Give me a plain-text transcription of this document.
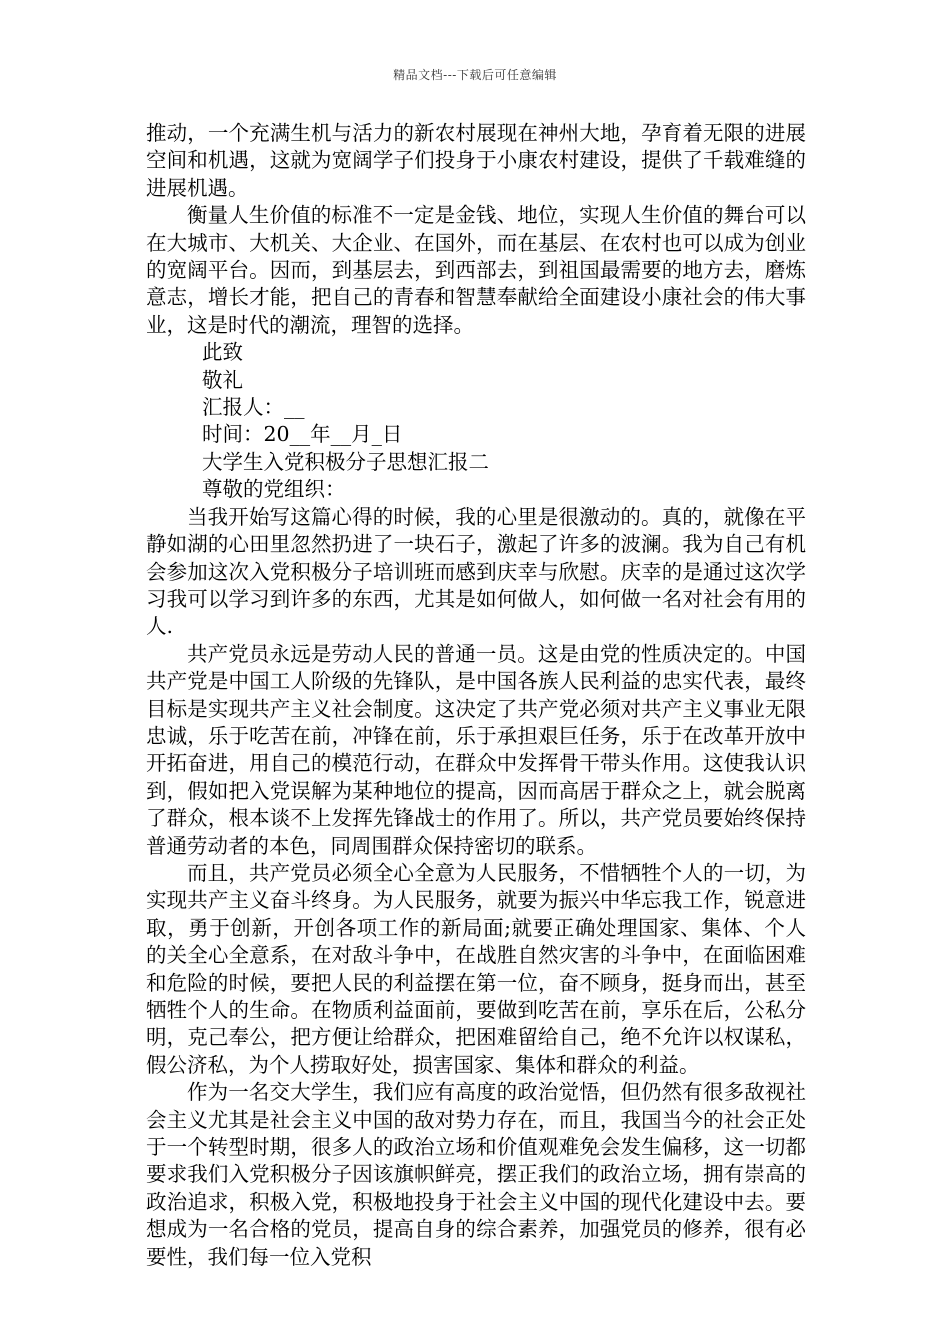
精品文档---下载后可任意编辑

推动，一个充满生机与活力的新农村展现在神州大地，孕育着无限的进展空间和机遇，这就为宽阔学子们投身于小康农村建设，提供了千载难缝的进展机遇。

衡量人生价值的标准不一定是金钱、地位，实现人生价值的舞台可以在大城市、大机关、大企业、在国外，而在基层、在农村也可以成为创业的宽阔平台。因而，到基层去，到西部去，到祖国最需要的地方去，磨炼意志，增长才能，把自己的青春和智慧奉献给全面建设小康社会的伟大事业，这是时代的潮流，理智的选择。

此致

敬礼

汇报人：__

时间：20__年__月_日

大学生入党积极分子思想汇报二

尊敬的党组织：

当我开始写这篇心得的时候，我的心里是很激动的。真的，就像在平静如湖的心田里忽然扔进了一块石子，激起了许多的波澜。我为自己有机会参加这次入党积极分子培训班而感到庆幸与欣慰。庆幸的是通过这次学习我可以学习到许多的东西，尤其是如何做人，如何做一名对社会有用的人.

共产党员永远是劳动人民的普通一员。这是由党的性质决定的。中国共产党是中国工人阶级的先锋队，是中国各族人民利益的忠实代表，最终目标是实现共产主义社会制度。这决定了共产党必须对共产主义事业无限忠诚，乐于吃苦在前，冲锋在前，乐于承担艰巨任务，乐于在改革开放中开拓奋进，用自己的模范行动，在群众中发挥骨干带头作用。这使我认识到，假如把入党误解为某种地位的提高，因而高居于群众之上，就会脱离了群众，根本谈不上发挥先锋战士的作用了。所以，共产党员要始终保持普通劳动者的本色，同周围群众保持密切的联系。

而且，共产党员必须全心全意为人民服务，不惜牺牲个人的一切，为实现共产主义奋斗终身。为人民服务，就要为振兴中华忘我工作，锐意进取，勇于创新，开创各项工作的新局面;就要正确处理国家、集体、个人的关全心全意系，在对敌斗争中，在战胜自然灾害的斗争中，在面临困难和危险的时候，要把人民的利益摆在第一位，奋不顾身，挺身而出，甚至牺牲个人的生命。在物质利益面前，要做到吃苦在前，享乐在后，公私分明，克己奉公，把方便让给群众，把困难留给自己，绝不允许以权谋私，假公济私，为个人捞取好处，损害国家、集体和群众的利益。

作为一名交大学生，我们应有高度的政治觉悟，但仍然有很多敌视社会主义尤其是社会主义中国的敌对势力存在，而且，我国当今的社会正处于一个转型时期，很多人的政治立场和价值观难免会发生偏移，这一切都要求我们入党积极分子因该旗帜鲜亮，摆正我们的政治立场，拥有崇高的政治追求，积极入党，积极地投身于社会主义中国的现代化建设中去。要想成为一名合格的党员，提高自身的综合素养，加强党员的修养，很有必要性，我们每一位入党积
